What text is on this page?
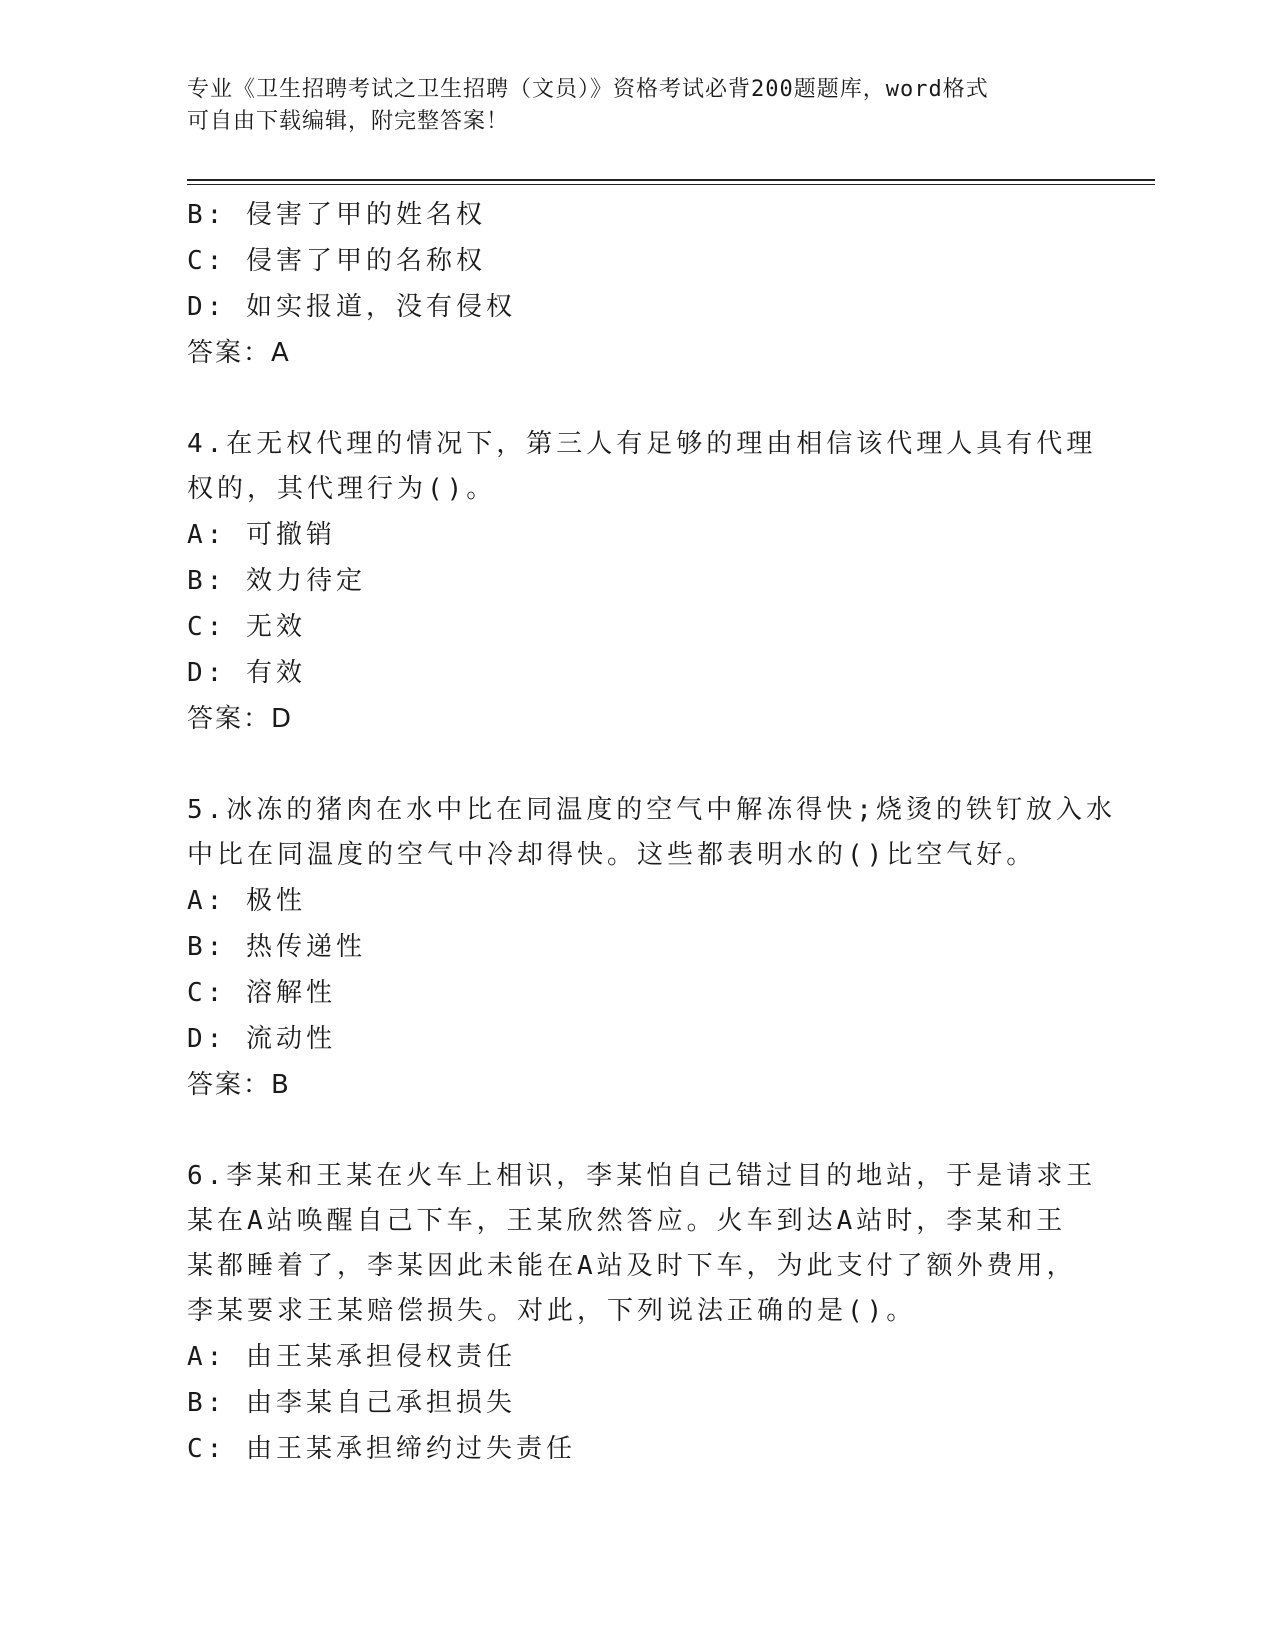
专业《卫生招聘考试之卫生招聘（文员）》资格考试必背200题题库，word格式
可自由下载编辑，附完整答案！
B: 侵害了甲的姓名权
C: 侵害了甲的名称权
D: 如实报道，没有侵权
答案：A
4.在无权代理的情况下，第三人有足够的理由相信该代理人具有代理
权的，其代理行为()。
A: 可撤销
B: 效力待定
C: 无效
D: 有效
答案：D
5.冰冻的猪肉在水中比在同温度的空气中解冻得快;烧烫的铁钉放入水
中比在同温度的空气中冷却得快。这些都表明水的()比空气好。
A: 极性
B: 热传递性
C: 溶解性
D: 流动性
答案：B
6.李某和王某在火车上相识，李某怕自己错过目的地站，于是请求王
某在A站唤醒自己下车，王某欣然答应。火车到达A站时，李某和王
某都睡着了，李某因此未能在A站及时下车，为此支付了额外费用，
李某要求王某赔偿损失。对此，下列说法正确的是()。
A: 由王某承担侵权责任
B: 由李某自己承担损失
C: 由王某承担缔约过失责任
